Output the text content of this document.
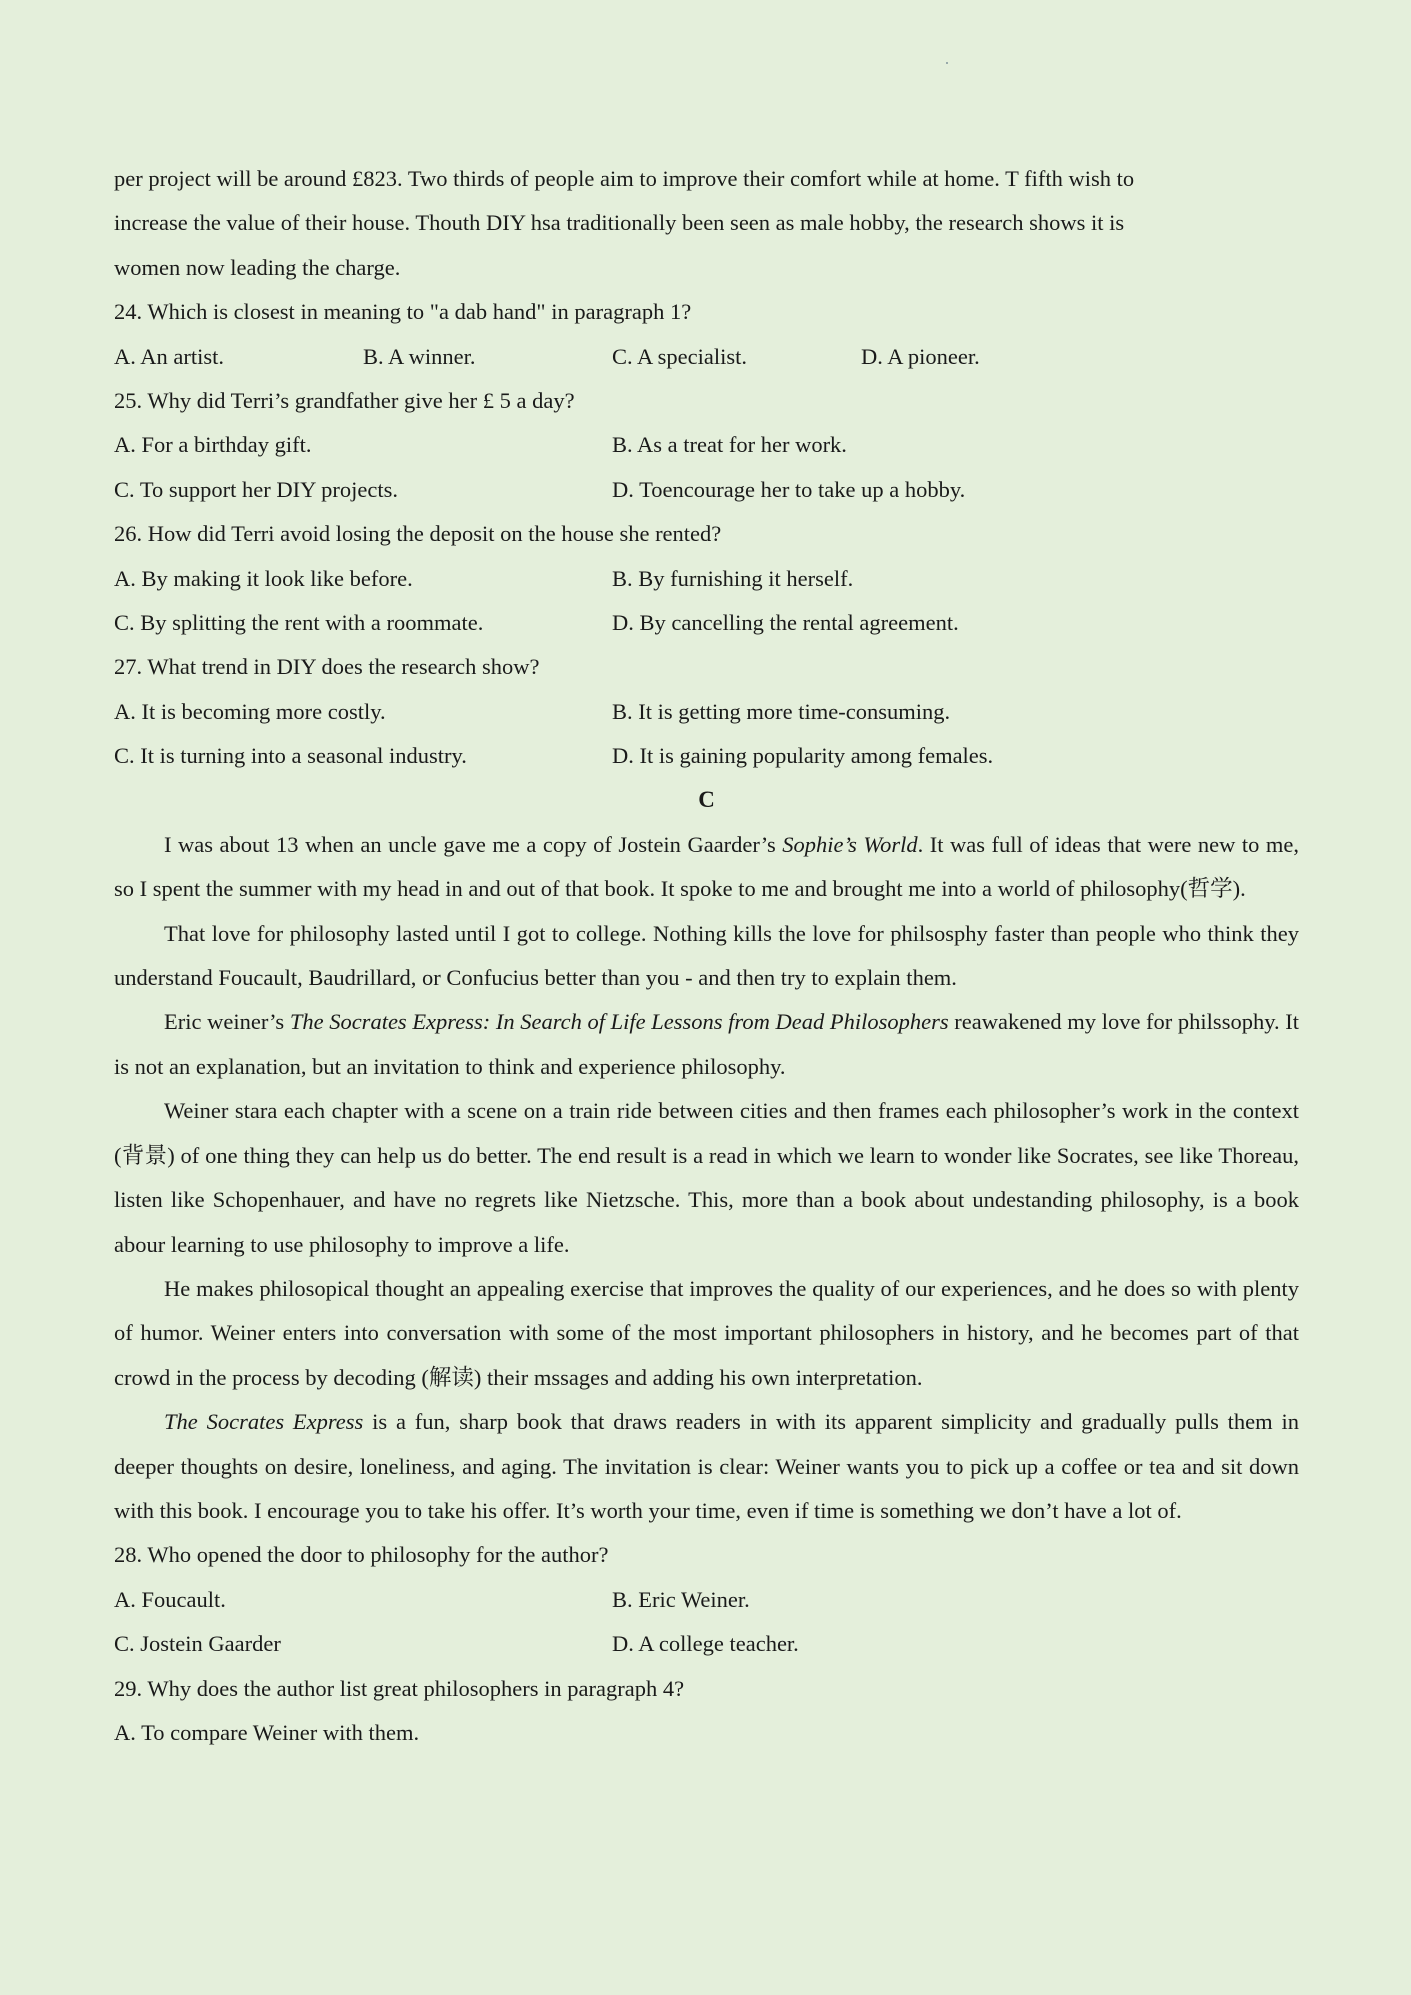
per project will be around £823. Two thirds of people aim to improve their comfort while at home. T fifth wish to
increase the value of their house. Thouth DIY hsa traditionally been seen as male hobby, the research shows it is
women now leading the charge.
24. Which is closest in meaning to "a dab hand" in paragraph 1?
A. An artist.	B. A winner.	C. A specialist.	D. A pioneer.
25. Why did Terri’s grandfather give her £ 5 a day?
A. For a birthday gift.	B. As a treat for her work.
C. To support her DIY projects.	D. Toencourage her to take up a hobby.
26. How did Terri avoid losing the deposit on the house she rented?
A. By making it look like before.	B. By furnishing it herself.
C. By splitting the rent with a roommate.	D. By cancelling the rental agreement.
27. What trend in DIY does the research show?
A. It is becoming more costly.	B. It is getting more time-consuming.
C. It is turning into a seasonal industry.	D. It is gaining popularity among females.
C
I was about 13 when an uncle gave me a copy of Jostein Gaarder’s Sophie’s World. It was full of ideas that were new to me, so I spent the summer with my head in and out of that book. It spoke to me and brought me into a world of philosophy(哲学).
That love for philosophy lasted until I got to college. Nothing kills the love for philsosphy faster than people who think they understand Foucault, Baudrillard, or Confucius better than you - and then try to explain them.
Eric weiner’s The Socrates Express: In Search of Life Lessons from Dead Philosophers reawakened my love for philssophy. It is not an explanation, but an invitation to think and experience philosophy.
Weiner stara each chapter with a scene on a train ride between cities and then frames each philosopher’s work in the context (背景) of one thing they can help us do better. The end result is a read in which we learn to wonder like Socrates, see like Thoreau, listen like Schopenhauer, and have no regrets like Nietzsche. This, more than a book about undestanding philosophy, is a book abour learning to use philosophy to improve a life.
He makes philosopical thought an appealing exercise that improves the quality of our experiences, and he does so with plenty of humor. Weiner enters into conversation with some of the most important philosophers in history, and he becomes part of that crowd in the process by decoding (解读) their mssages and adding his own interpretation.
The Socrates Express is a fun, sharp book that draws readers in with its apparent simplicity and gradually pulls them in deeper thoughts on desire, loneliness, and aging. The invitation is clear: Weiner wants you to pick up a coffee or tea and sit down with this book. I encourage you to take his offer. It’s worth your time, even if time is something we don’t have a lot of.
28. Who opened the door to philosophy for the author?
A. Foucault.	B. Eric Weiner.
C. Jostein Gaarder	D. A college teacher.
29. Why does the author list great philosophers in paragraph 4?
A. To compare Weiner with them.
